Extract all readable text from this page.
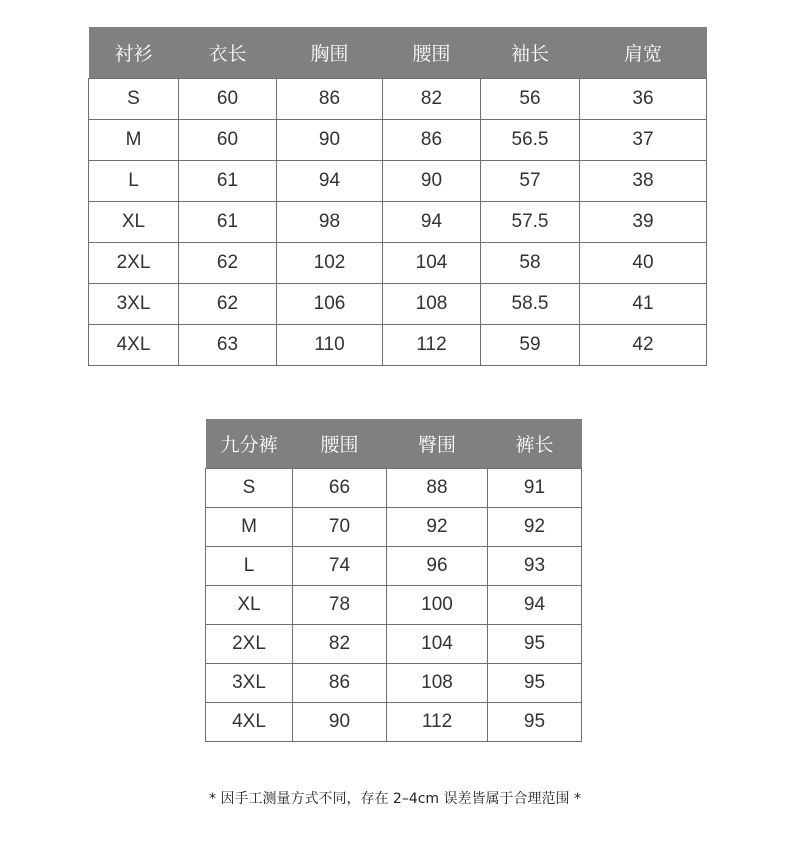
衬衫	衣长	胸围	腰围	袖长	肩宽
S	60	86	82	56	36
M	60	90	86	56.5	37
L	61	94	90	57	38
XL	61	98	94	57.5	39
2XL	62	102	104	58	40
3XL	62	106	108	58.5	41
4XL	63	110	112	59	42
九分裤	腰围	臀围	裤长
S	66	88	91
M	70	92	92
L	74	96	93
XL	78	100	94
2XL	82	104	95
3XL	86	108	95
4XL	90	112	95
* 因手工测量方式不同，存在 2–4cm 误差皆属于合理范围 *
